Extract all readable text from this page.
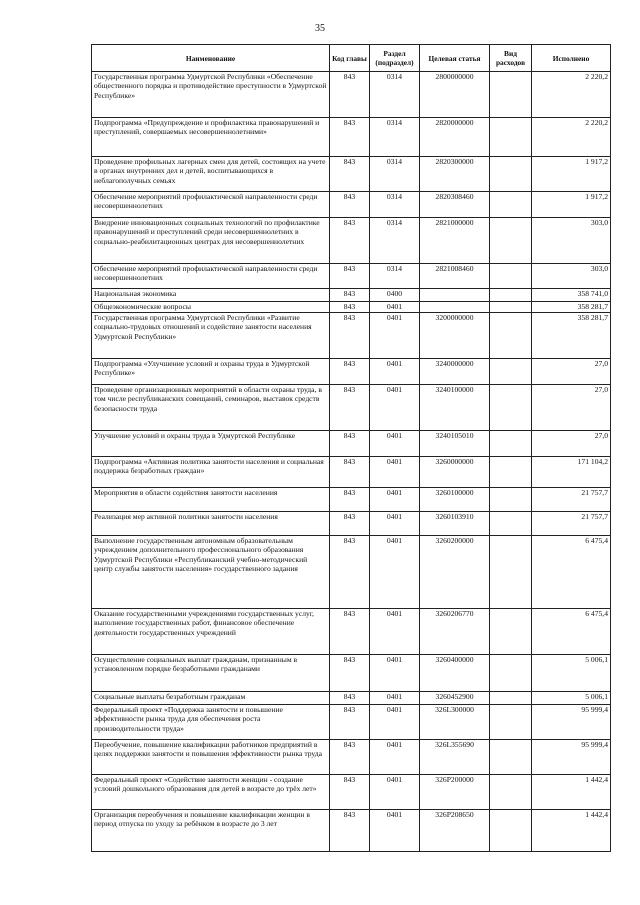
35
Наименование	Код главы	Раздел (подраздел)	Целевая статья	Вид расходов	Исполнено
Государственная программа Удмуртской Республики «Обеспечение общественного порядка и противодействие преступности в Удмуртской Республике»	843	0314	2800000000		2 220,2
Подпрограмма «Предупреждение и профилактика правонарушений и преступлений, совершаемых несовершеннолетними»	843	0314	2820000000		2 220,2
Проведение профильных лагерных смен для детей, состоящих на учете в органах внутренних дел и детей, воспитывающихся в неблагополучных семьях	843	0314	2820300000		1 917,2
Обеспечение мероприятий профилактической направленности среди несовершеннолетних	843	0314	2820308460		1 917,2
Внедрение инновационных социальных технологий по профилактике правонарушений и преступлений среди несовершеннолетних в социально-реабилитационных центрах для несовершеннолетних	843	0314	2821000000		303,0
Обеспечение мероприятий профилактической направленности среди несовершеннолетних	843	0314	2821008460		303,0
Национальная экономика	843	0400			358 741,0
Общеэкономические вопросы	843	0401			358 281,7
Государственная программа Удмуртской Республики «Развитие социально-трудовых отношений и содействие занятости населения Удмуртской Республики»	843	0401	3200000000		358 281,7
Подпрограмма «Улучшение условий и охраны труда в Удмуртской Республике»	843	0401	3240000000		27,0
Проведение организационных мероприятий в области охраны труда, в том числе республиканских совещаний, семинаров, выставок средств безопасности труда	843	0401	3240100000		27,0
Улучшение условий и охраны труда в Удмуртской Республике	843	0401	3240105010		27,0
Подпрограмма «Активная политика занятости населения и социальная поддержка безработных граждан»	843	0401	3260000000		171 104,2
Мероприятия в области содействия занятости населения	843	0401	3260100000		21 757,7
Реализация мер активной политики занятости населения	843	0401	3260103910		21 757,7
Выполнение государственным автономным образовательным учреждением дополнительного профессионального образования Удмуртской Республики «Республиканский учебно-методический центр службы занятости населения» государственного задания	843	0401	3260200000		6 475,4
Оказание государственными учреждениями государственных услуг, выполнение государственных работ, финансовое обеспечение деятельности государственных учреждений	843	0401	3260206770		6 475,4
Осуществление социальных выплат гражданам, признанным в установленном порядке безработными гражданами	843	0401	3260400000		5 006,1
Социальные выплаты безработным гражданам	843	0401	3260452900		5 006,1
Федеральный проект «Поддержка занятости и повышение эффективности рынка труда для обеспечения роста производительности труда»	843	0401	326L300000		95 999,4
Переобучение, повышение квалификации работников предприятий в целях поддержки занятости и повышения эффективности рынка труда	843	0401	326L355690		95 999,4
Федеральный проект «Содействие занятости женщин - создание условий дошкольного образования для детей в возрасте до трёх лет»	843	0401	326P200000		1 442,4
Организация переобучения и повышение квалификации женщин в период отпуска по уходу за ребёнком в возрасте до 3 лет	843	0401	326P208650		1 442,4
